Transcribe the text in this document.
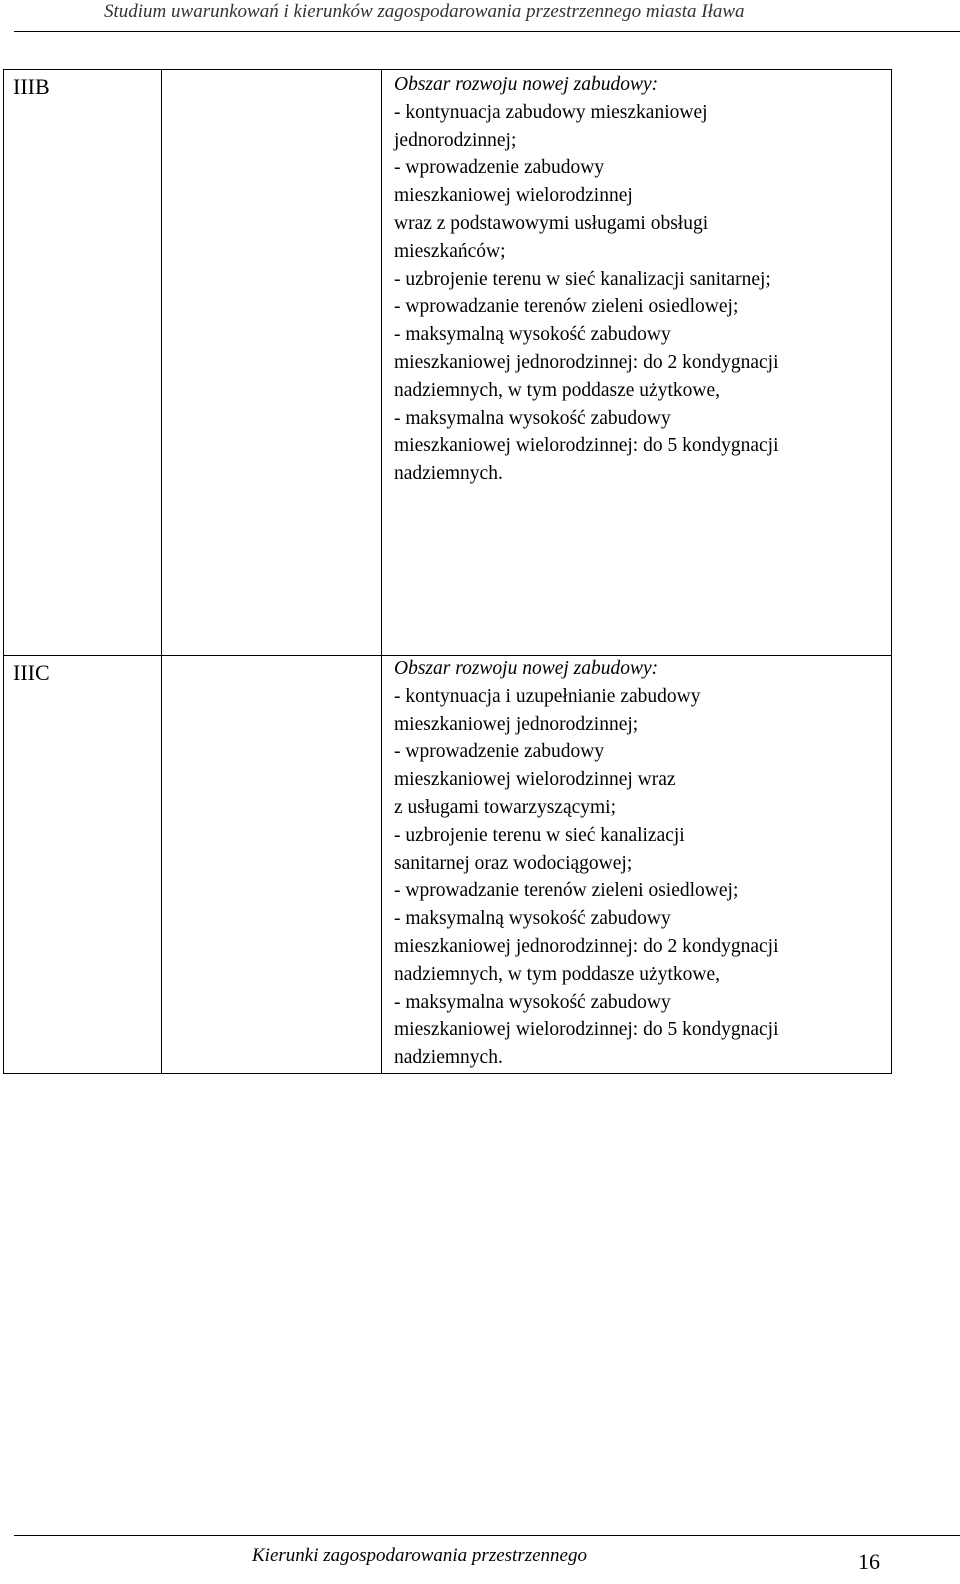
Studium uwarunkowań i kierunków zagospodarowania przestrzennego miasta Iława
IIIB	Obszar rozwoju nowej zabudowy:
- kontynuacja zabudowy mieszkaniowej
jednorodzinnej;
- wprowadzenie zabudowy
mieszkaniowej wielorodzinnej
wraz z podstawowymi usługami obsługi
mieszkańców;
- uzbrojenie terenu w sieć kanalizacji sanitarnej;
- wprowadzanie terenów zieleni osiedlowej;
- maksymalną wysokość zabudowy
mieszkaniowej jednorodzinnej: do 2 kondygnacji
nadziemnych, w tym poddasze użytkowe,
- maksymalna wysokość zabudowy
mieszkaniowej wielorodzinnej: do 5 kondygnacji
nadziemnych.
IIIC	Obszar rozwoju nowej zabudowy:
- kontynuacja i uzupełnianie zabudowy
mieszkaniowej jednorodzinnej;
- wprowadzenie zabudowy
mieszkaniowej wielorodzinnej wraz
z usługami towarzyszącymi;
- uzbrojenie terenu w sieć kanalizacji
sanitarnej oraz wodociągowej;
- wprowadzanie terenów zieleni osiedlowej;
- maksymalną wysokość zabudowy
mieszkaniowej jednorodzinnej: do 2 kondygnacji
nadziemnych, w tym poddasze użytkowe,
- maksymalna wysokość zabudowy
mieszkaniowej wielorodzinnej: do 5 kondygnacji
nadziemnych.
Kierunki zagospodarowania przestrzennego	16
